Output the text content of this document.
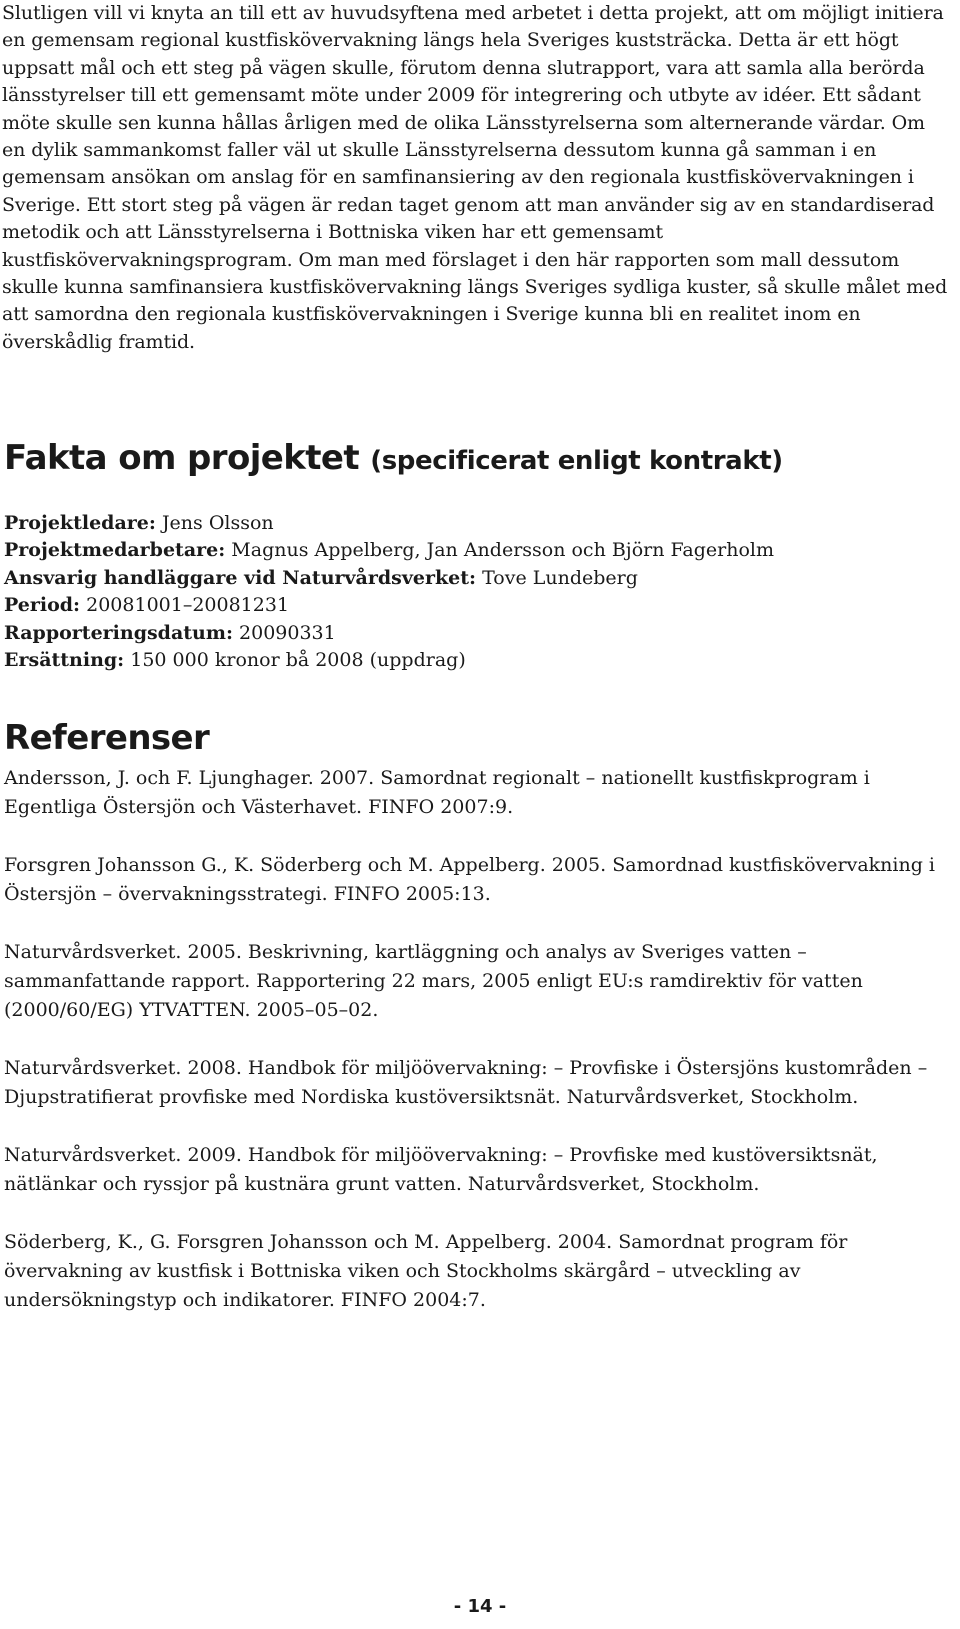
Slutligen vill vi knyta an till ett av huvudsyftena med arbetet i detta projekt, att om möjligt initiera en gemensam regional kustfiskövervakning längs hela Sveriges kuststräcka. Detta är ett högt uppsatt mål och ett steg på vägen skulle, förutom denna slutrapport, vara att samla alla berörda länsstyrelser till ett gemensamt möte under 2009 för integrering och utbyte av idéer. Ett sådant möte skulle sen kunna hållas årligen med de olika Länsstyrelserna som alternerande värdar. Om en dylik sammankomst faller väl ut skulle Länsstyrelserna dessutom kunna gå samman i en gemensam ansökan om anslag för en samfinansiering av den regionala kustfiskövervakningen i Sverige. Ett stort steg på vägen är redan taget genom att man använder sig av en standardiserad metodik och att Länsstyrelserna i Bottniska viken har ett gemensamt kustfiskövervakningsprogram. Om man med förslaget i den här rapporten som mall dessutom skulle kunna samfinansiera kustfiskövervakning längs Sveriges sydliga kuster, så skulle målet med att samordna den regionala kustfiskövervakningen i Sverige kunna bli en realitet inom en överskådlig framtid.

Fakta om projektet (specificerat enligt kontrakt)
Projektledare: Jens Olsson
Projektmedarbetare: Magnus Appelberg, Jan Andersson och Björn Fagerholm
Ansvarig handläggare vid Naturvårdsverket: Tove Lundeberg
Period: 20081001–20081231
Rapporteringsdatum: 20090331
Ersättning: 150 000 kronor bå 2008 (uppdrag)
Referenser
Andersson, J. och F. Ljunghager. 2007. Samordnat regionalt – nationellt kustfiskprogram i Egentliga Östersjön och Västerhavet. FINFO 2007:9.
Forsgren Johansson G., K. Söderberg och M. Appelberg. 2005. Samordnad kustfiskövervakning i Östersjön – övervakningsstrategi. FINFO 2005:13.
Naturvårdsverket. 2005. Beskrivning, kartläggning och analys av Sveriges vatten – sammanfattande rapport. Rapportering 22 mars, 2005 enligt EU:s ramdirektiv för vatten (2000/60/EG) YTVATTEN. 2005–05–02.
Naturvårdsverket. 2008. Handbok för miljöövervakning: – Provfiske i Östersjöns kustområden – Djupstratifierat provfiske med Nordiska kustöversiktsnät. Naturvårdsverket, Stockholm.
Naturvårdsverket. 2009. Handbok för miljöövervakning: – Provfiske med kustöversiktsnät, nätlänkar och ryssjor på kustnära grunt vatten. Naturvårdsverket, Stockholm.
Söderberg, K., G. Forsgren Johansson och M. Appelberg. 2004. Samordnat program för övervakning av kustfisk i Bottniska viken och Stockholms skärgård – utveckling av undersökningstyp och indikatorer. FINFO 2004:7.
- 14 -
